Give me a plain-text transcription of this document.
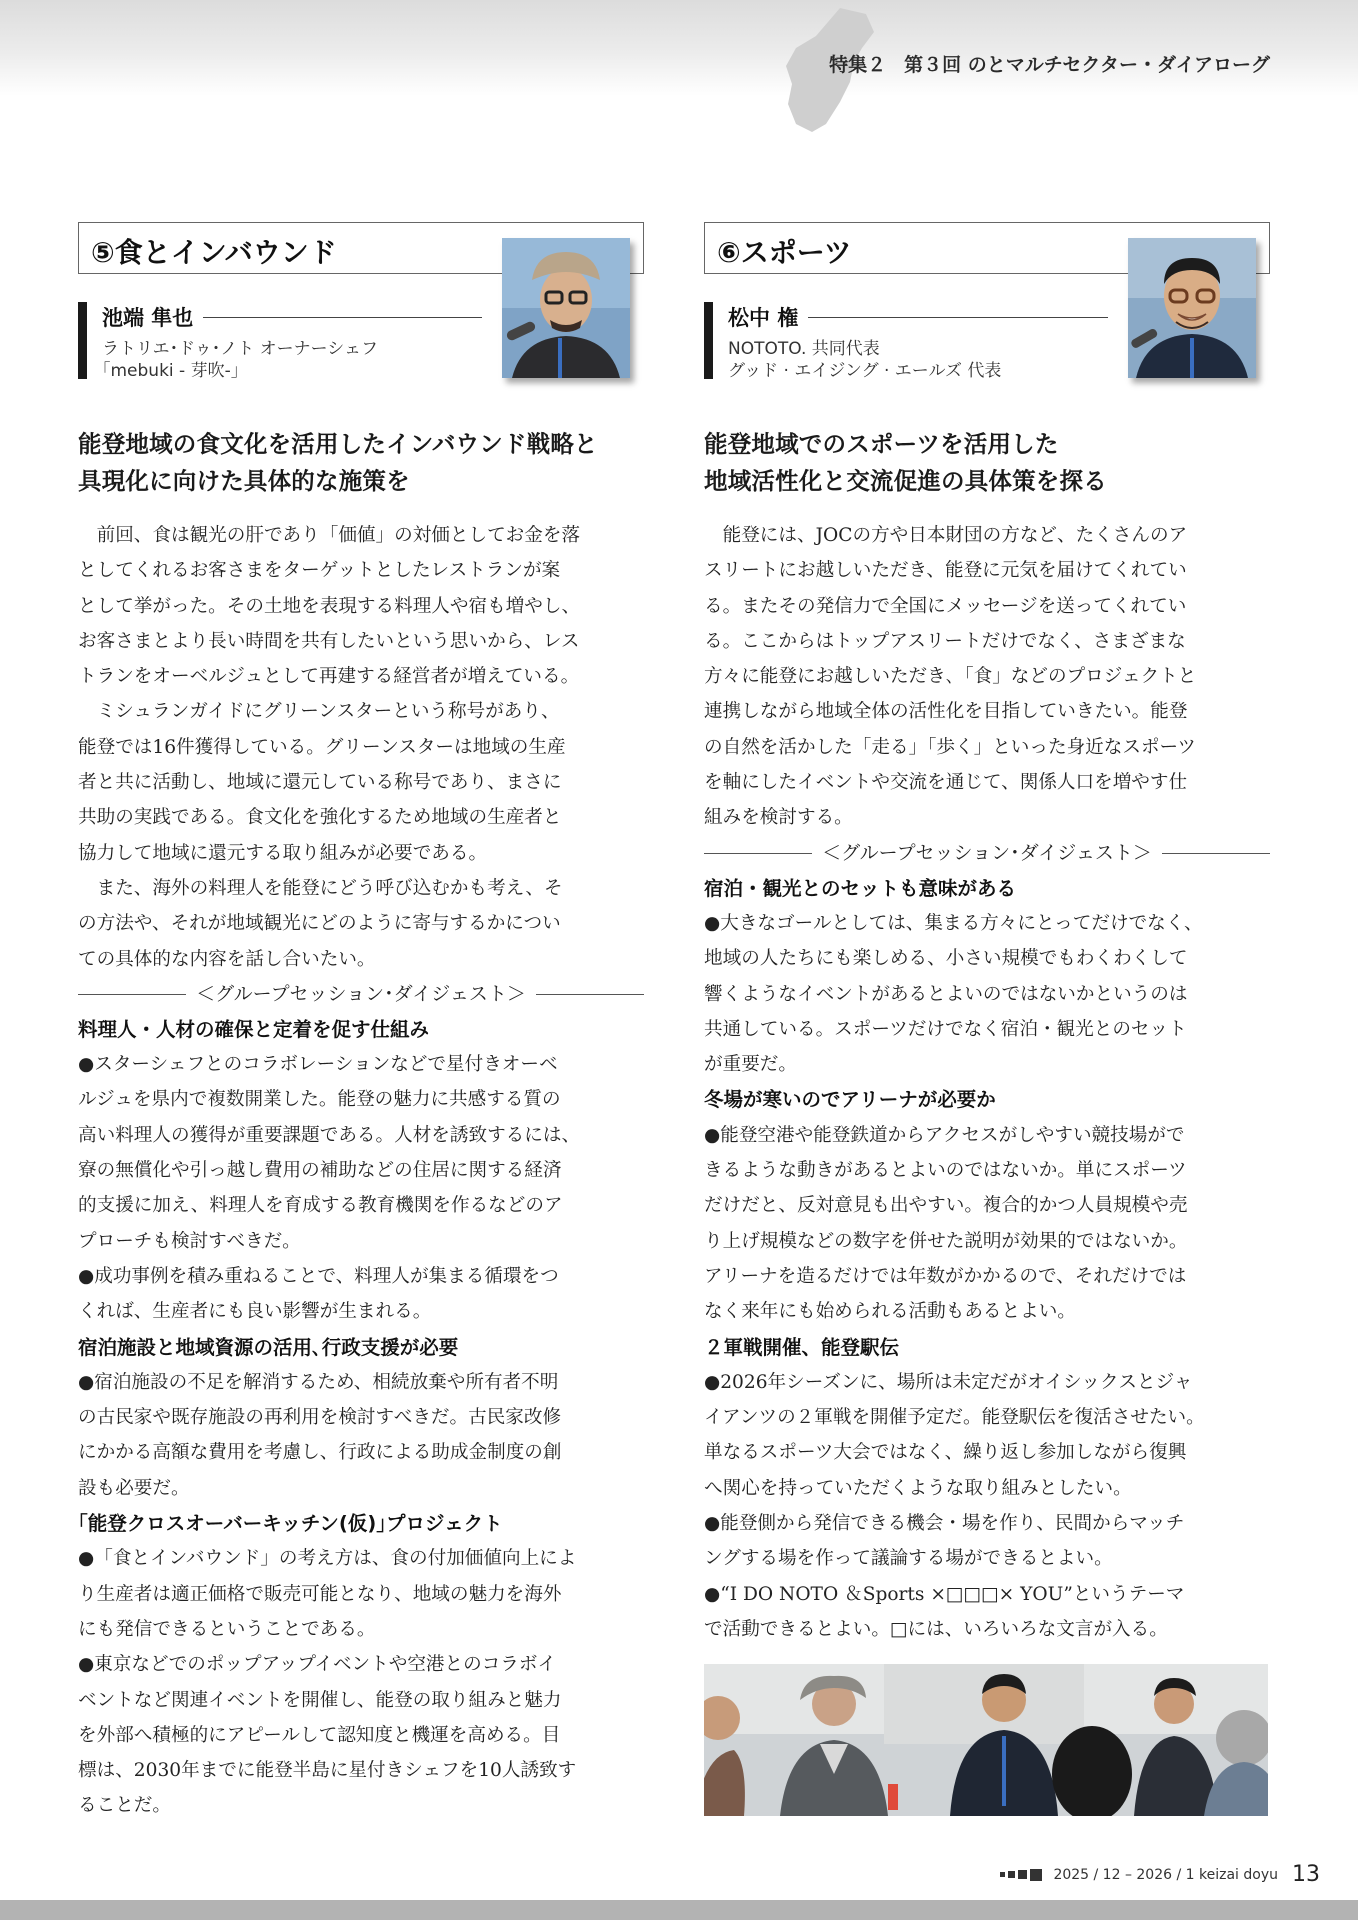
特集２ 第３回 のとマルチセクター・ダイアローグ
⑤食とインバウンド
池端 隼也
ラトリエ･ドゥ･ノト オーナーシェフ
｢mebuki - 芽吹-｣
能登地域の食文化を活用したインバウンド戦略と
具現化に向けた具体的な施策を

　前回、食は観光の肝であり「価値」の対価としてお金を落

としてくれるお客さまをターゲットとしたレストランが案

として挙がった。その土地を表現する料理人や宿も増やし、

お客さまとより長い時間を共有したいという思いから、レス

トランをオーベルジュとして再建する経営者が増えている。

　ミシュランガイドにグリーンスターという称号があり、

能登では16件獲得している。グリーンスターは地域の生産

者と共に活動し、地域に還元している称号であり、まさに

共助の実践である。食文化を強化するため地域の生産者と

協力して地域に還元する取り組みが必要である。

　また、海外の料理人を能登にどう呼び込むかも考え、そ

の方法や、それが地域観光にどのように寄与するかについ

ての具体的な内容を話し合いたい。

＜グループセッション･ダイジェスト＞
料理人・人材の確保と定着を促す仕組み

●スターシェフとのコラボレーションなどで星付きオーベ

ルジュを県内で複数開業した。能登の魅力に共感する質の

高い料理人の獲得が重要課題である。人材を誘致するには、

寮の無償化や引っ越し費用の補助などの住居に関する経済

的支援に加え、料理人を育成する教育機関を作るなどのア

プローチも検討すべきだ。

●成功事例を積み重ねることで、料理人が集まる循環をつ

くれば、生産者にも良い影響が生まれる。

宿泊施設と地域資源の活用､行政支援が必要

●宿泊施設の不足を解消するため、相続放棄や所有者不明

の古民家や既存施設の再利用を検討すべきだ。古民家改修

にかかる高額な費用を考慮し、行政による助成金制度の創

設も必要だ。

｢能登クロスオーバーキッチン(仮)｣プロジェクト

●「食とインバウンド」の考え方は、食の付加価値向上によ

り生産者は適正価格で販売可能となり、地域の魅力を海外

にも発信できるということである。

●東京などでのポップアップイベントや空港とのコラボイ

ベントなど関連イベントを開催し、能登の取り組みと魅力

を外部へ積極的にアピールして認知度と機運を高める。目

標は、2030年までに能登半島に星付きシェフを10人誘致す

ることだ。

⑥スポーツ
松中 権
NOTOTO. 共同代表
グッド · エイジング · エールズ 代表
能登地域でのスポーツを活用した
地域活性化と交流促進の具体策を探る

　能登には、JOCの方や日本財団の方など、たくさんのア

スリートにお越しいただき、能登に元気を届けてくれてい

る。またその発信力で全国にメッセージを送ってくれてい

る。ここからはトップアスリートだけでなく、さまざまな

方々に能登にお越しいただき､「食」などのプロジェクトと

連携しながら地域全体の活性化を目指していきたい。能登

の自然を活かした「走る」「歩く」といった身近なスポーツ

を軸にしたイベントや交流を通じて、関係人口を増やす仕

組みを検討する。

＜グループセッション･ダイジェスト＞
宿泊・観光とのセットも意味がある

●大きなゴールとしては、集まる方々にとってだけでなく、

地域の人たちにも楽しめる、小さい規模でもわくわくして

響くようなイベントがあるとよいのではないかというのは

共通している。スポーツだけでなく宿泊・観光とのセット

が重要だ。

冬場が寒いのでアリーナが必要か

●能登空港や能登鉄道からアクセスがしやすい競技場がで

きるような動きがあるとよいのではないか。単にスポーツ

だけだと、反対意見も出やすい。複合的かつ人員規模や売

り上げ規模などの数字を併せた説明が効果的ではないか。

アリーナを造るだけでは年数がかかるので、それだけでは

なく来年にも始められる活動もあるとよい。

２軍戦開催、能登駅伝

●2026年シーズンに、場所は未定だがオイシックスとジャ

イアンツの２軍戦を開催予定だ。能登駅伝を復活させたい。

単なるスポーツ大会ではなく、繰り返し参加しながら復興

へ関心を持っていただくような取り組みとしたい。

●能登側から発信できる機会・場を作り、民間からマッチ

ングする場を作って議論する場ができるとよい。

●“I DO NOTO ＆Sports ×□□□× YOU”というテーマ

で活動できるとよい。□には、いろいろな文言が入る。

2025 / 12 – 2026 / 1 keizai doyu 13
